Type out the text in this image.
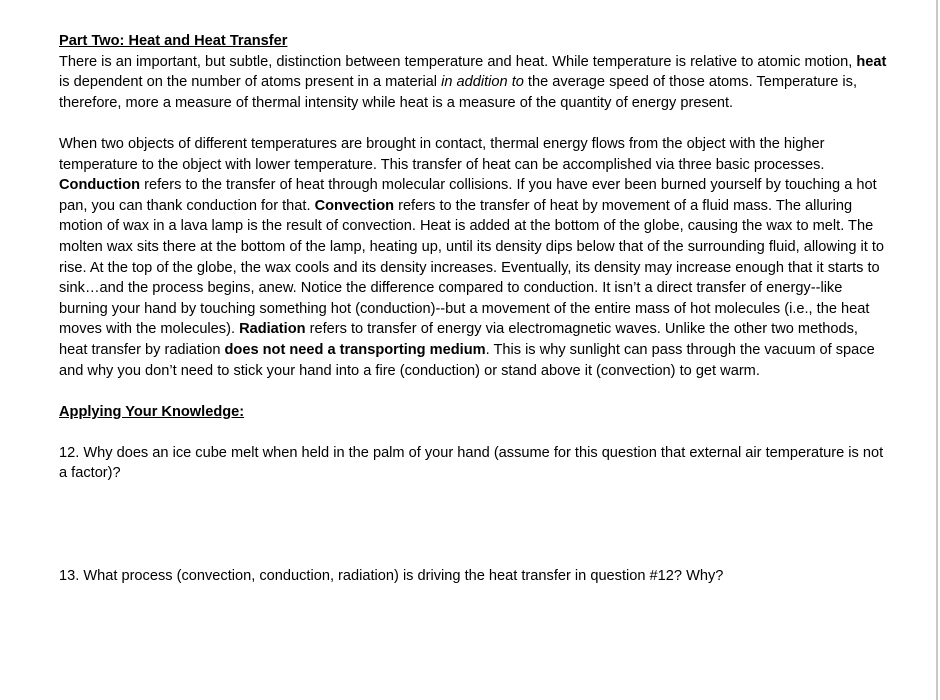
Part Two: Heat and Heat Transfer

There is an important, but subtle, distinction between temperature and heat. While temperature is relative to atomic motion, heat is dependent on the number of atoms present in a material in addition to the average speed of those atoms. Temperature is, therefore, more a measure of thermal intensity while heat is a measure of the quantity of energy present.

When two objects of different temperatures are brought in contact, thermal energy flows from the object with the higher temperature to the object with lower temperature. This transfer of heat can be accomplished via three basic processes. Conduction refers to the transfer of heat through molecular collisions. If you have ever been burned yourself by touching a hot pan, you can thank conduction for that. Convection refers to the transfer of heat by movement of a fluid mass. The alluring motion of wax in a lava lamp is the result of convection. Heat is added at the bottom of the globe, causing the wax to melt. The molten wax sits there at the bottom of the lamp, heating up, until its density dips below that of the surrounding fluid, allowing it to rise. At the top of the globe, the wax cools and its density increases. Eventually, its density may increase enough that it starts to sink…and the process begins, anew. Notice the difference compared to conduction. It isn’t a direct transfer of energy--like burning your hand by touching something hot (conduction)--but a movement of the entire mass of hot molecules (i.e., the heat moves with the molecules). Radiation refers to transfer of energy via electromagnetic waves. Unlike the other two methods, heat transfer by radiation does not need a transporting medium. This is why sunlight can pass through the vacuum of space and why you don’t need to stick your hand into a fire (conduction) or stand above it (convection) to get warm.

Applying Your Knowledge:

12. Why does an ice cube melt when held in the palm of your hand (assume for this question that external air temperature is not a factor)?

13. What process (convection, conduction, radiation) is driving the heat transfer in question #12? Why?
